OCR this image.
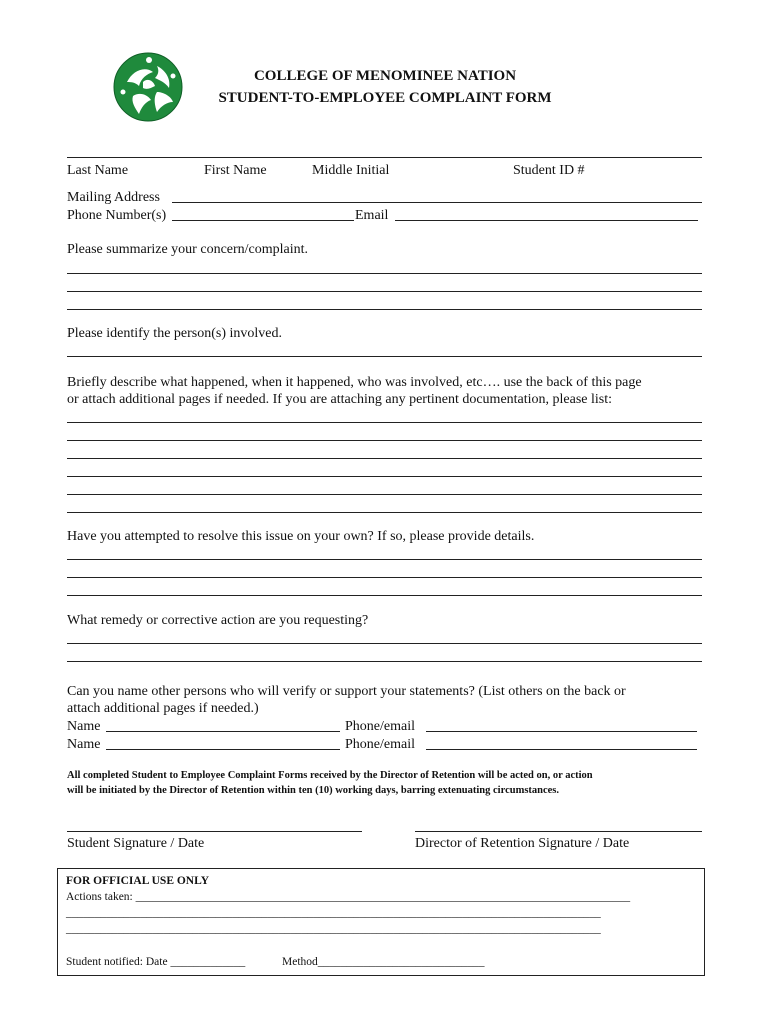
COLLEGE OF MENOMINEE NATION
STUDENT-TO-EMPLOYEE COMPLAINT FORM
Last Name	First Name	Middle Initial	Student ID #
Mailing Address
Phone Number(s)	Email
Please summarize your concern/complaint.
Please identify the person(s) involved.
Briefly describe what happened, when it happened, who was involved, etc…. use the back of this page
or attach additional pages if needed. If you are attaching any pertinent documentation, please list:
Have you attempted to resolve this issue on your own? If so, please provide details.
What remedy or corrective action are you requesting?
Can you name other persons who will verify or support your statements? (List others on the back or
attach additional pages if needed.)
Name	Phone/email
Name	Phone/email
All completed Student to Employee Complaint Forms received by the Director of Retention will be acted on, or action
will be initiated by the Director of Retention within ten (10) working days, barring extenuating circumstances.
Student Signature / Date	Director of Retention Signature / Date
FOR OFFICIAL USE ONLY
Actions taken: ______________________________________________________________________________________
_____________________________________________________________________________________________
_____________________________________________________________________________________________
Student notified: Date _____________	Method_____________________________
